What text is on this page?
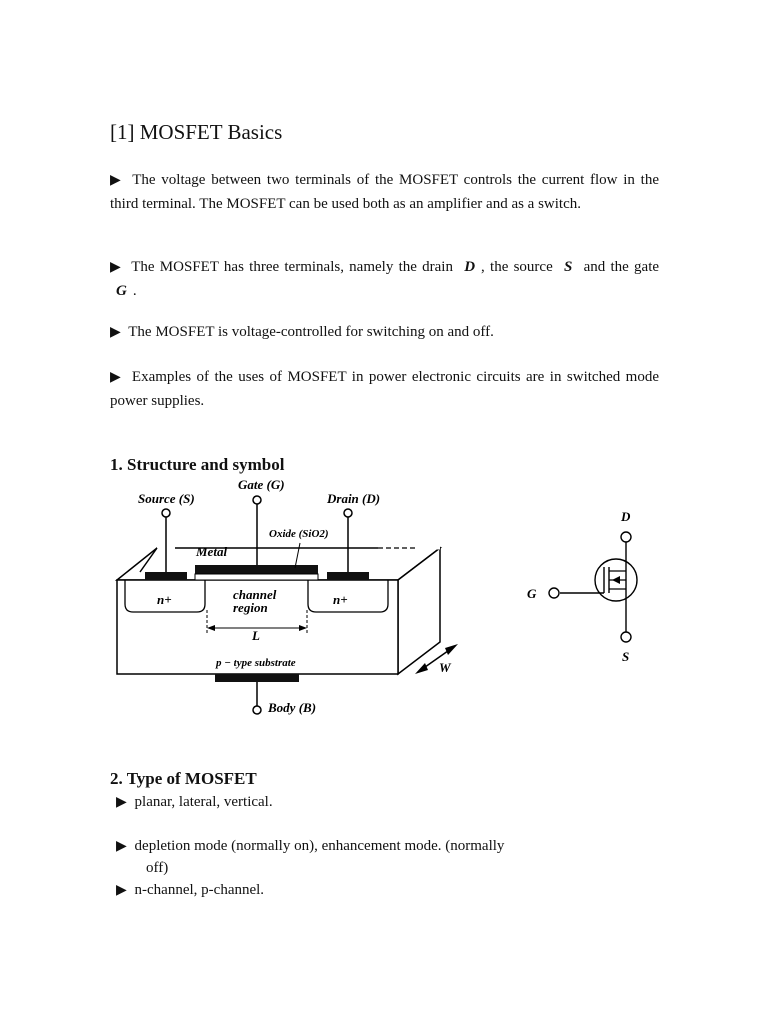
[1] MOSFET Basics

▶ The voltage between two terminals of the MOSFET controls the current flow in the third terminal. The MOSFET can be used both as an amplifier and as a switch.

▶ The MOSFET has three terminals, namely the drain D , the source S and the gate G .

▶ The MOSFET is voltage-controlled for switching on and off.

▶ Examples of the uses of MOSFET in power electronic circuits are in switched mode power supplies.

1. Structure and symbol
Gate (G)
Source (S)	Drain (D)
Oxide (SiO2)
Metal
n+	n+
channel
region
L
p − type substrate	W
Body (B)
D
G
S
2. Type of MOSFET

▶ planar, lateral, vertical.

▶ depletion mode (normally on), enhancement mode. (normally

off)

▶ n-channel, p-channel.
